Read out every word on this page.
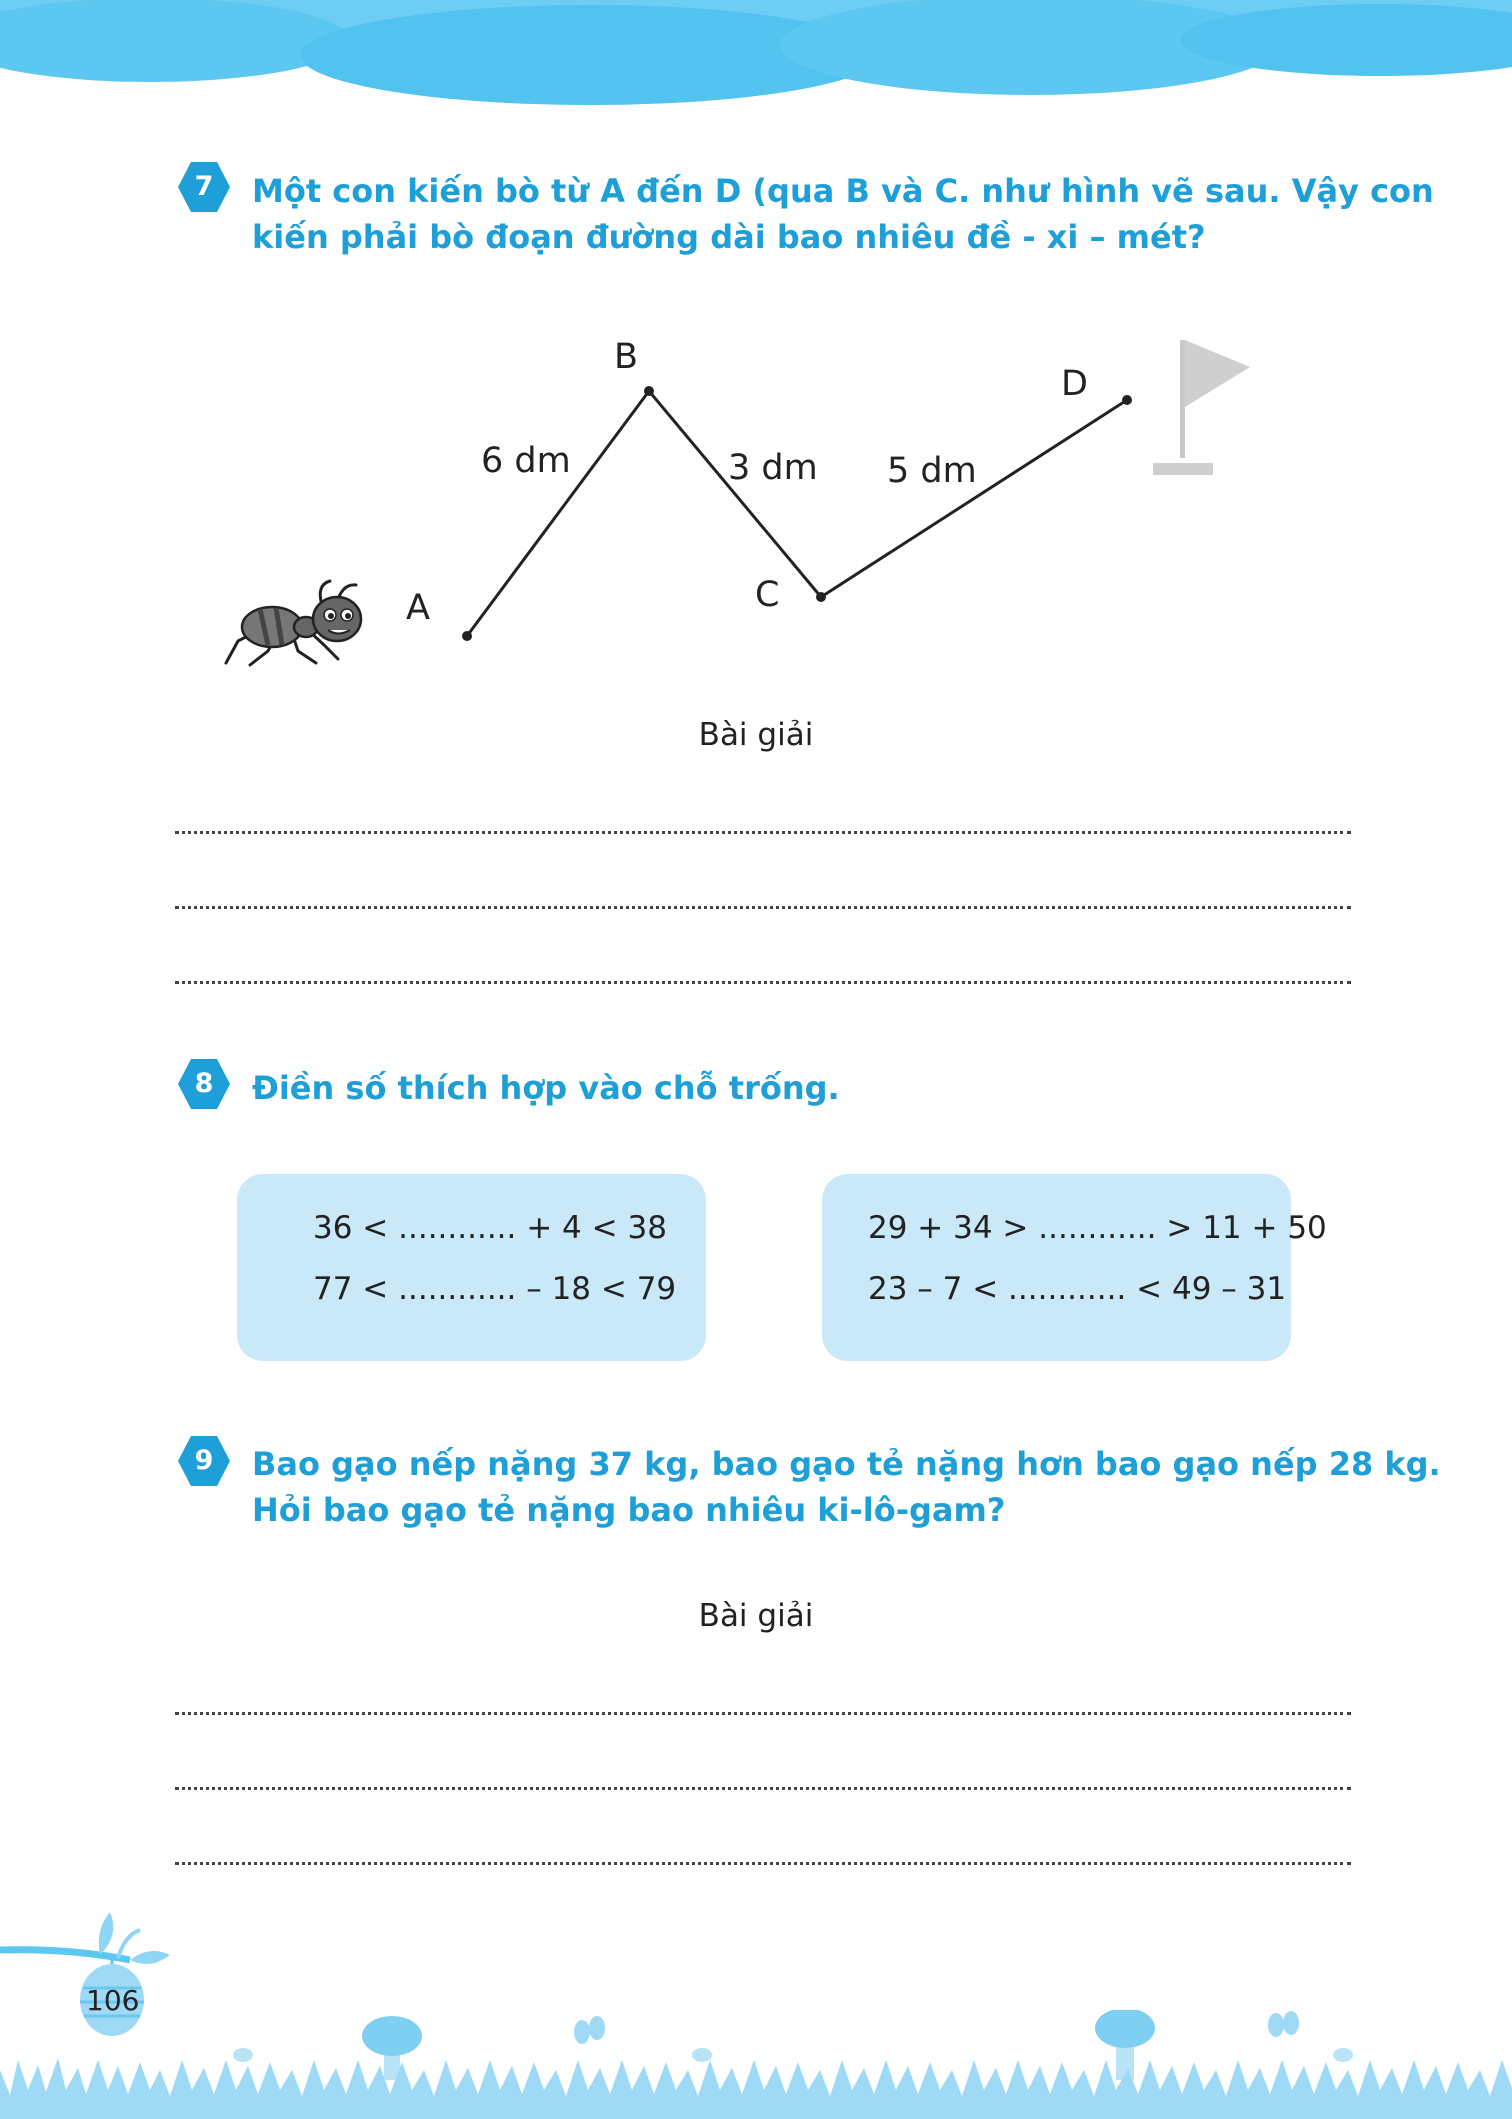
7	Một con kiến bò từ A đến D (qua B và C. như hình vẽ sau. Vậy con
kiến phải bò đoạn đường dài bao nhiêu đề - xi – mét?
A
B
C
D
6 dm	3 dm 5 dm
Bài giải
8	Điền số thích hợp vào chỗ trống.
36 < ............ + 4 < 38
77 < ............ – 18 < 79
29 + 34 > ............ > 11 + 50
23 – 7 < ............ < 49 – 31
9	Bao gạo nếp nặng 37 kg, bao gạo tẻ nặng hơn bao gạo nếp 28 kg.
Hỏi bao gạo tẻ nặng bao nhiêu ki-lô-gam?
Bài giải
106
